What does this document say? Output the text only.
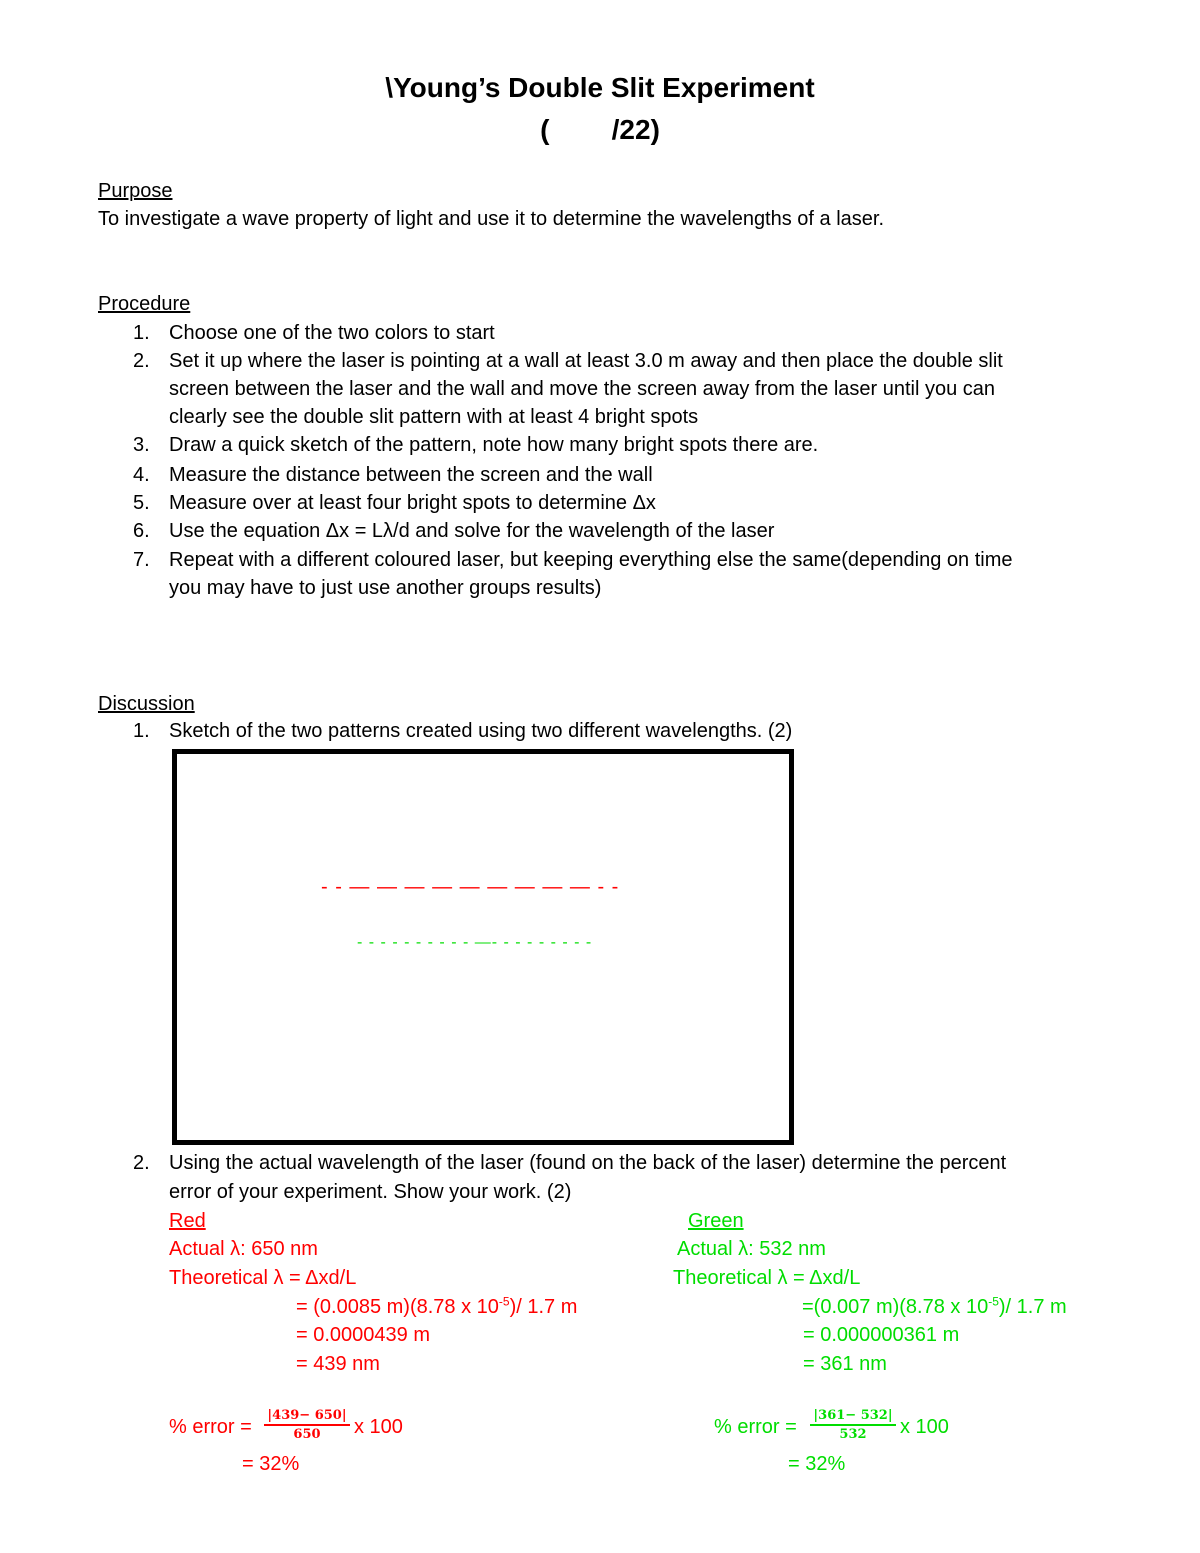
\Young’s Double Slit Experiment
(        /22)
Purpose
To investigate a wave property of light and use it to determine the wavelengths of a laser.
Procedure
1. Choose one of the two colors to start
2. Set it up where the laser is pointing at a wall at least 3.0 m away and then place the double slit
screen between the laser and the wall and move the screen away from the laser until you can
clearly see the double slit pattern with at least 4 bright spots
3. Draw a quick sketch of the pattern, note how many bright spots there are.
4. Measure the distance between the screen and the wall
5. Measure over at least four bright spots to determine Δx
6. Use the equation Δx = Lλ/d and solve for the wavelength of the laser
7. Repeat with a different coloured laser, but keeping everything else the same(depending on time
you may have to just use another groups results)
Discussion
1. Sketch of the two patterns created using two different wavelengths. (2)
- - — — — — — — — — — - -
- - - - - - - - - - —- - - - - - - - -
2. Using the actual wavelength of the laser (found on the back of the laser) determine the percent
error of your experiment. Show your work. (2)
Red
Actual λ: 650 nm
Theoretical λ = Δxd/L
= (0.0085 m)(8.78 x $10^{-5})/$ 1.7 m
= 0.0000439 m
= 439 nm
% error =
|439− 650|
650	x 100
= 32%
Green
Actual λ: 532 nm
Theoretical λ = Δxd/L
=(0.007 m)(8.78 x $10^{-5})/$ 1.7 m
= 0.000000361 m
= 361 nm
% error =
|361− 532|
532	x 100
= 32%
